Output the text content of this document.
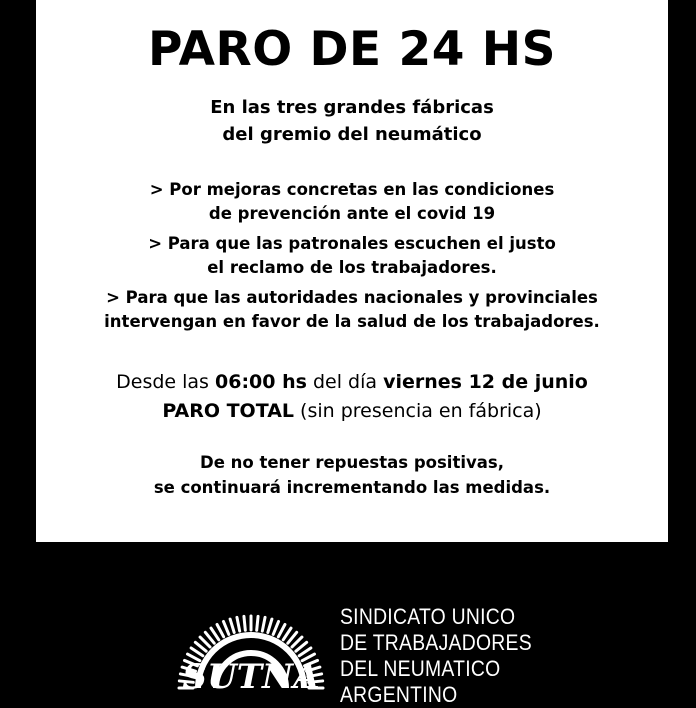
PARO DE 24 HS
En las tres grandes fábricas
del gremio del neumático
> Por mejoras concretas en las condiciones
de prevención ante el covid 19
> Para que las patronales escuchen el justo
el reclamo de los trabajadores.
> Para que las autoridades nacionales y provinciales
intervengan en favor de la salud de los trabajadores.
Desde las 06:00 hs del día viernes 12 de junio
PARO TOTAL (sin presencia en fábrica)
De no tener repuestas positivas,
se continuará incrementando las medidas.
SUTNA
SINDICATO UNICO
DE TRABAJADORES
DEL NEUMATICO
ARGENTINO
